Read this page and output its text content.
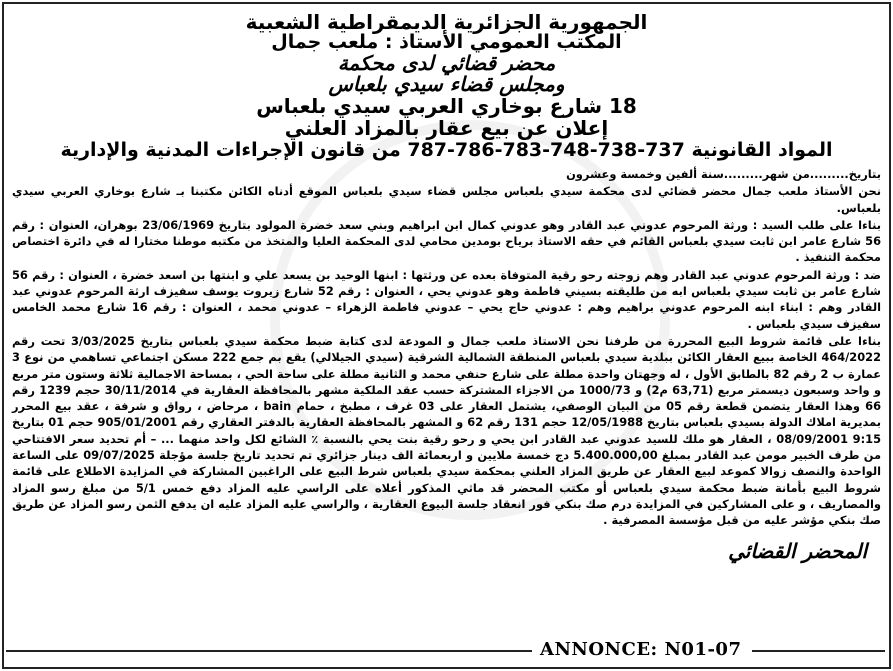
الجمهورية الجزائرية الديمقراطية الشعبية

المكتب العمومي الأستاذ : ملعب جمال

محضر قضائي لدى محكمة

ومجلس قضاء سيدي بلعباس

18 شارع بوخاري العربي سيدي بلعباس

إعلان عن بيع عقار بالمزاد العلني

المواد القانونية 737-738-748-783-786-787 من قانون الإجراءات المدنية والإدارية

بتاريخ.........من شهر.........سنة ألفين وخمسة وعشرون

نحن الأستاذ ملعب جمال محضر قضائي لدى محكمة سيدي بلعباس مجلس قضاء سيدي بلعباس الموقع أدناه الكائن مكتبنا بـ شارع بوخاري العربي سيدي بلعباس.

بناءا على طلب السيد : ورثة المرحوم عدوني عبد القادر وهو عدوني كمال ابن ابراهيم وبني سعد خضرة المولود بتاريخ 23/06/1969 بوهران، العنوان : رقم 56 شارع عامر ابن ثابت سيدي بلعباس القائم في حقه الاستاذ برياح بومدين محامي لدى المحكمة العليا والمتخذ من مكتبه موطنا مختارا له في دائرة اختصاص محكمة التنفيذ .

ضد : ورثة المرحوم عدوني عبد القادر وهم زوجته رحو رقية المتوفاة بعده عن ورثتها : ابنها الوحيد بن يسعد علي و ابنتها بن اسعد خضرة ، العنوان : رقم 56 شارع عامر بن ثابت سيدي بلعباس ابه من طليقته بسيني فاطمة وهو عدوني يحي ، العنوان : رقم 52 شارع زيروت يوسف سفيزف ارثة المرحوم عدوني عبد القادر وهم : ابناء ابنه المرحوم عدوني براهيم وهم : عدوني حاج يحي – عدوني فاطمة الزهراء – عدوني محمد ، العنوان : رقم 16 شارع محمد الخامس سفيزف سيدي بلعباس .

بناءا على قائمة شروط البيع المحررة من طرفنا نحن الاستاذ ملعب جمال و المودعة لدى كتابة ضبط محكمة سيدي بلعباس بتاريخ 3/03/2025 تحت رقم 464/2022 الخاصة ببيع العقار الكائن ببلدية سيدي بلعباس المنطقة الشمالية الشرقية (سيدي الجيلالي) يقع بم جمع 222 مسكن اجتماعي تساهمي من نوع 3 عمارة ب 2 رقم 82 بالطابق الأول ، له وجهتان واحدة مطلة على شارع حنفي محمد و الثانية مطلة على ساحة الحي ، بمساحة الاجمالية ثلاثة وستون متر مربع و واحد وسبعون ديسمتر مربع (63,71 م2) و 1000/73 من الاجزاء المشتركة حسب عقد الملكية مشهر بالمحافظة العقارية في 30/11/2014 حجم 1239 رقم 66 وهذا العقار يتضمن قطعة رقم 05 من البيان الوصفي، يشتمل العقار على 03 غرف ، مطبخ ، حمام bain ، مرحاض ، رواق و شرفة ، عقد بيع المحرر بمديرية املاك الدولة بسيدي بلعباس بتاريخ 12/05/1988 حجم 131 رقم 62 و المشهر بالمحافظة العقارية بالدفتر العقاري رقم 905/01/2001 حجم 01 بتاريخ 9:15 08/09/2001 ، العقار هو ملك للسيد عدوني عبد القادر ابن يحي و رحو رقية بنت يحي بالنسبة ٪ الشائع لكل واحد منهما ... – أم تحديد سعر الافتتاحي من طرف الخبير مومن عبد القادر بمبلغ 5.400.000,00 دج خمسة ملايين و اربعمائة الف دينار جزائري تم تحديد تاريخ جلسة مؤجلة 09/07/2025 على الساعة الواحدة والنصف زوالا كموعد لبيع العقار عن طريق المزاد العلني بمحكمة سيدي بلعباس شرط البيع على الراغبين المشاركة في المزايدة الاطلاع على قائمة شروط البيع بأمانة ضبط محكمة سيدي بلعباس أو مكتب المحضر قد ماثي المذكور أعلاه على الراسي عليه المزاد دفع خمس 5/1 من مبلغ رسو المزاد والمصاريف ، و على المشاركين في المزايدة درم صك بنكي فور انعقاد جلسة البيوع العقارية ، والراسي عليه المزاد عليه ان يدفع الثمن رسو المزاد عن طريق صك بنكي مؤشر عليه من قبل مؤسسة المصرفية .

المحضر القضائي
ANNONCE: N01-07
